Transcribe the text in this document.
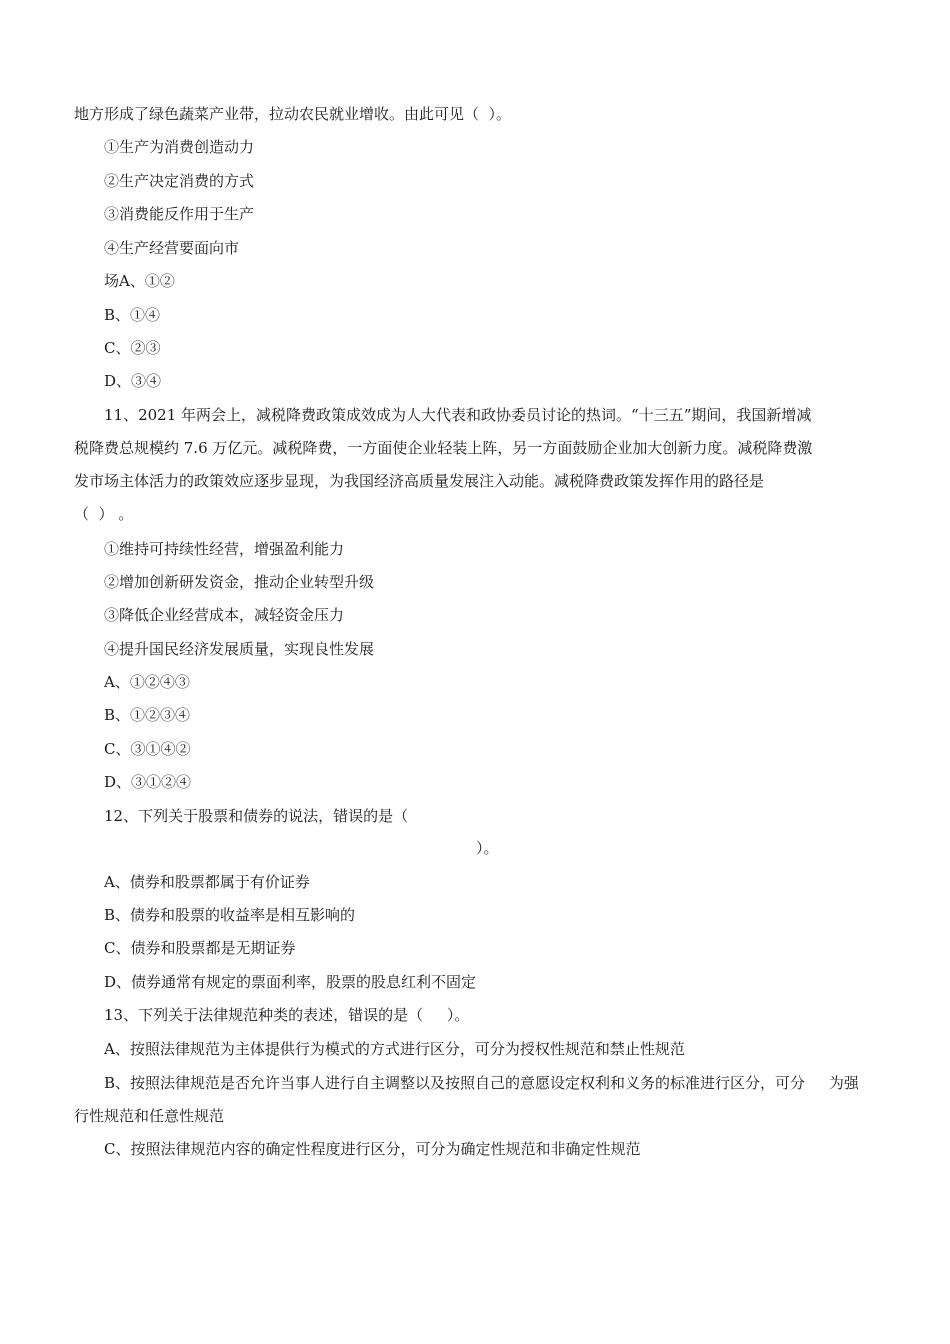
地方形成了绿色蔬菜产业带，拉动农民就业增收。由此可见（  ）。
①生产为消费创造动力
②生产决定消费的方式
③消费能反作用于生产
④生产经营要面向市
场A、①②
B、①④
C、②③
D、③④
11、2021 年两会上，减税降费政策成效成为人大代表和政协委员讨论的热词。“十三五”期间，我国新增减
税降费总规模约 7.6 万亿元。减税降费，一方面使企业轻装上阵，另一方面鼓励企业加大创新力度。减税降费激
发市场主体活力的政策效应逐步显现，为我国经济高质量发展注入动能。减税降费政策发挥作用的路径是
（  ） 。
①维持可持续性经营，增强盈利能力
②增加创新研发资金，推动企业转型升级
③降低企业经营成本，减轻资金压力
④提升国民经济发展质量，实现良性发展
A、①②④③
B、①②③④
C、③①④②
D、③①②④
12、下列关于股票和债券的说法，错误的是（
）。
A、债券和股票都属于有价证券
B、债券和股票的收益率是相互影响的
C、债券和股票都是无期证券
D、债券通常有规定的票面利率，股票的股息红利不固定
13、下列关于法律规范种类的表述，错误的是（     ）。
A、按照法律规范为主体提供行为模式的方式进行区分，可分为授权性规范和禁止性规范
B、按照法律规范是否允许当事人进行自主调整以及按照自己的意愿设定权利和义务的标准进行区分，可分     为强
行性规范和任意性规范
C、按照法律规范内容的确定性程度进行区分，可分为确定性规范和非确定性规范
